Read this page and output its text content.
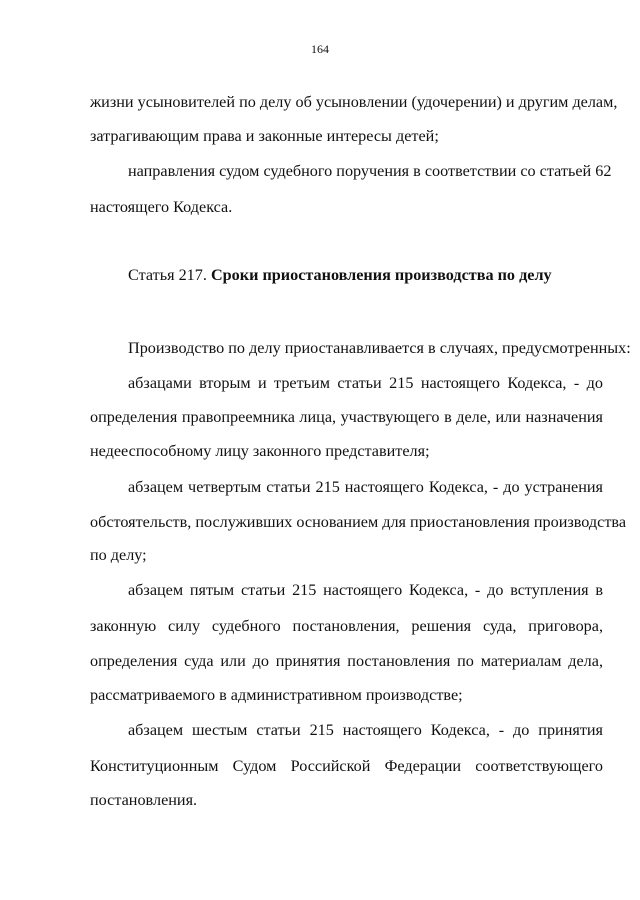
164
жизни усыновителей по делу об усыновлении (удочерении) и другим делам,
затрагивающим права и законные интересы детей;
направления судом судебного поручения в соответствии со статьей 62
настоящего Кодекса.
Статья 217. Сроки приостановления производства по делу
Производство по делу приостанавливается в случаях, предусмотренных:
абзацами вторым и третьим статьи 215 настоящего Кодекса, - до
определения правопреемника лица, участвующего в деле, или назначения
недееспособному лицу законного представителя;
абзацем четвертым статьи 215 настоящего Кодекса, - до устранения
обстоятельств, послуживших основанием для приостановления производства
по делу;
абзацем пятым статьи 215 настоящего Кодекса, - до вступления в
законную силу судебного постановления, решения суда, приговора,
определения суда или до принятия постановления по материалам дела,
рассматриваемого в административном производстве;
абзацем шестым статьи 215 настоящего Кодекса, - до принятия
Конституционным Судом Российской Федерации соответствующего
постановления.
